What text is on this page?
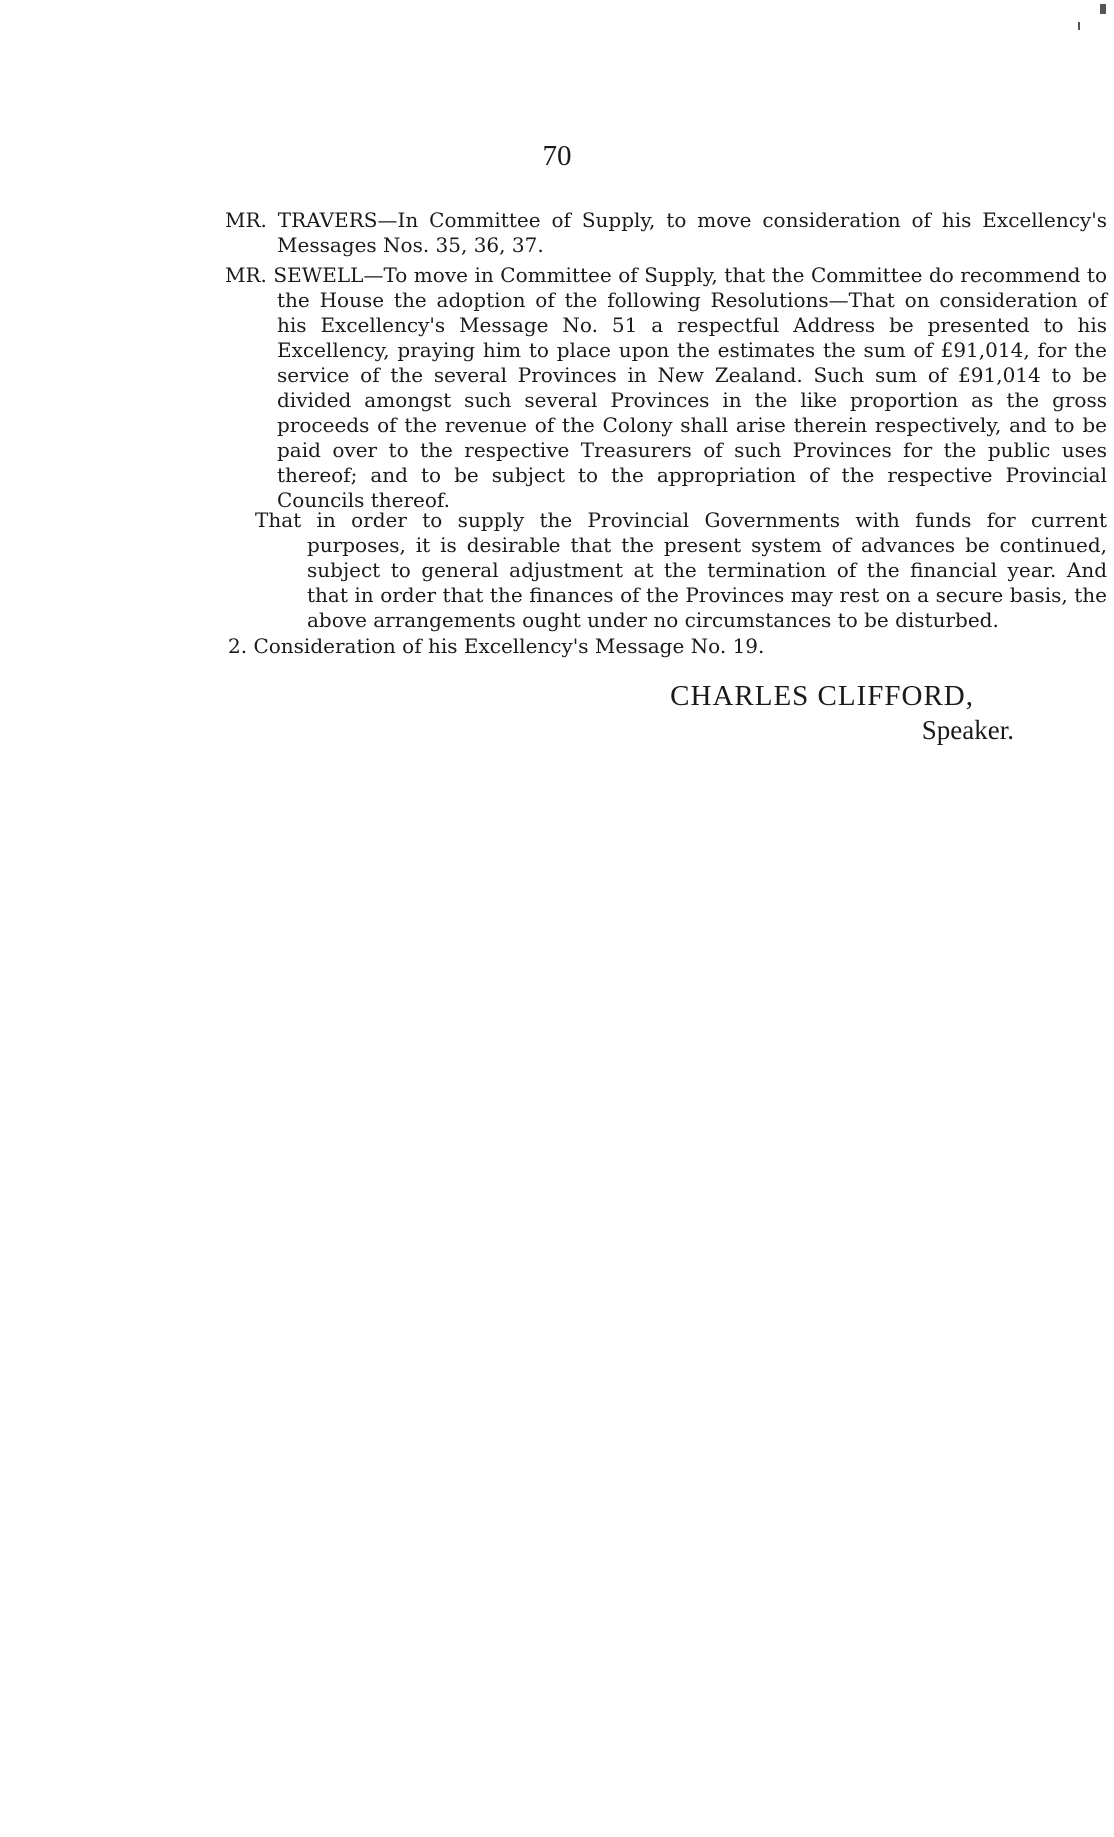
70
MR. TRAVERS—In Committee of Supply, to move consideration of his Excellency's Messages Nos. 35, 36, 37.
MR. SEWELL—To move in Committee of Supply, that the Committee do recommend to the House the adoption of the following Resolutions—That on consideration of his Excellency's Message No. 51 a respectful Address be presented to his Excellency, praying him to place upon the estimates the sum of £91,014, for the service of the several Provinces in New Zealand. Such sum of £91,014 to be divided amongst such several Provinces in the like proportion as the gross proceeds of the revenue of the Colony shall arise therein respectively, and to be paid over to the respective Treasurers of such Provinces for the public uses thereof; and to be subject to the appropriation of the respective Provincial Councils thereof.
That in order to supply the Provincial Governments with funds for current purposes, it is desirable that the present system of advances be continued, subject to general adjustment at the termination of the financial year. And that in order that the finances of the Provinces may rest on a secure basis, the above arrangements ought under no circumstances to be disturbed.
2. Consideration of his Excellency's Message No. 19.
CHARLES CLIFFORD,
Speaker.
